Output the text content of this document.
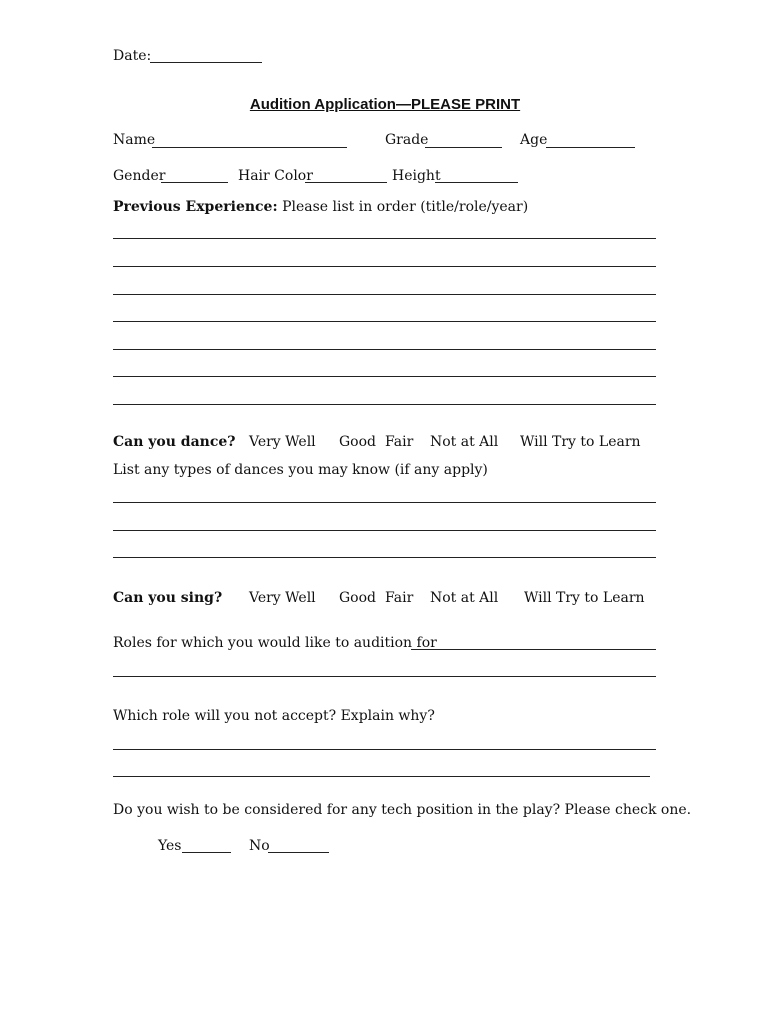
Date:
Audition Application—PLEASE PRINT
Name	Grade	Age
Gender	Hair Color	Height
Previous Experience: Please list in order (title/role/year)
Can you dance? Very Well Good Fair Not at All Will Try to Learn
List any types of dances you may know (if any apply)
Can you sing? Very Well Good Fair Not at All Will Try to Learn
Roles for which you would like to audition for
Which role will you not accept? Explain why?
Do you wish to be considered for any tech position in the play? Please check one.
Yes	No
